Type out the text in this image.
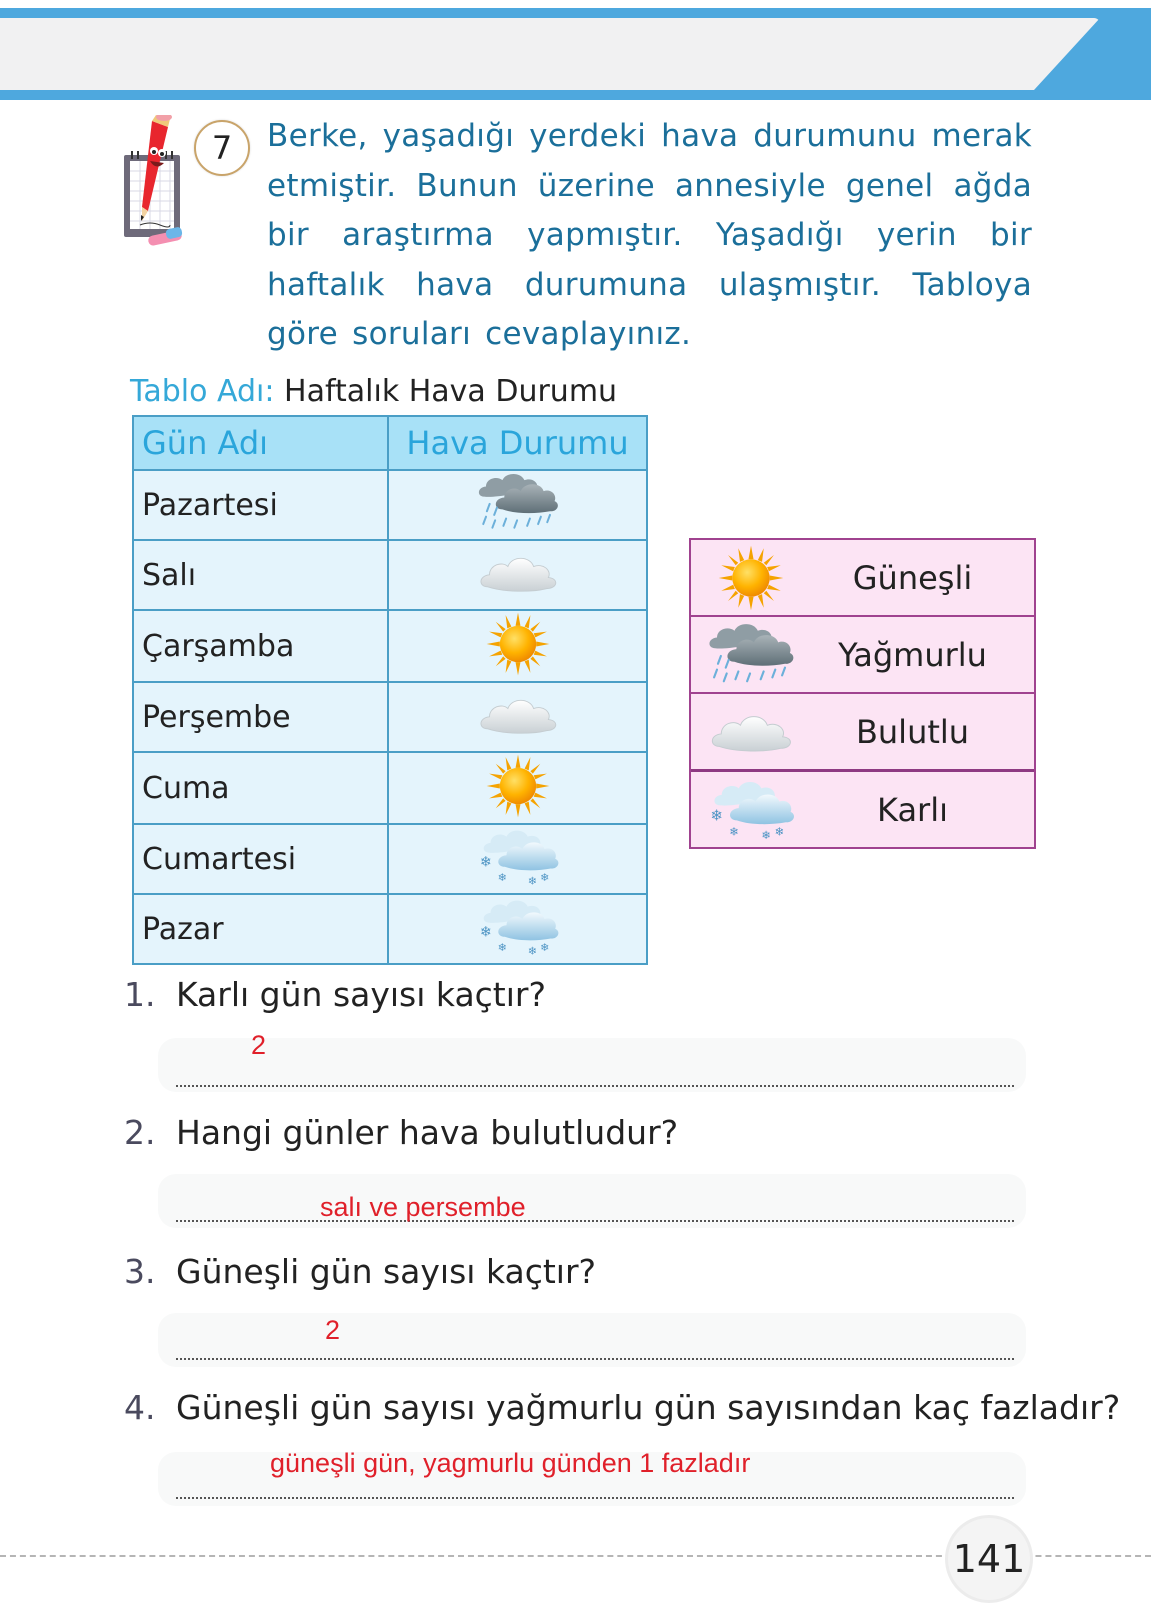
7	Berke, yaşadığı yerdeki hava durumunu merak etmiştir. Bunun üzerine annesiyle genel ağda bir araştırma yapmıştır. Yaşadığı yerin bir haftalık hava durumuna ulaşmıştır. Tabloya göre soruları cevaplayınız.
Tablo Adı: Haftalık Hava Durumu
Gün Adı	Hava Durumu
Pazartesi	
Salı	
Çarşamba	
Perşembe	
Cuma	
Cumartesi	
Pazar	
Güneşli
Yağmurlu
Bulutlu
Karlı
1. Karlı gün sayısı kaçtır?
2
2. Hangi günler hava bulutludur?
salı ve persembe
3. Güneşli gün sayısı kaçtır?
2
4. Güneşli gün sayısı yağmurlu gün sayısından kaç fazladır?
güneşli gün, yagmurlu günden 1 fazladır
141
